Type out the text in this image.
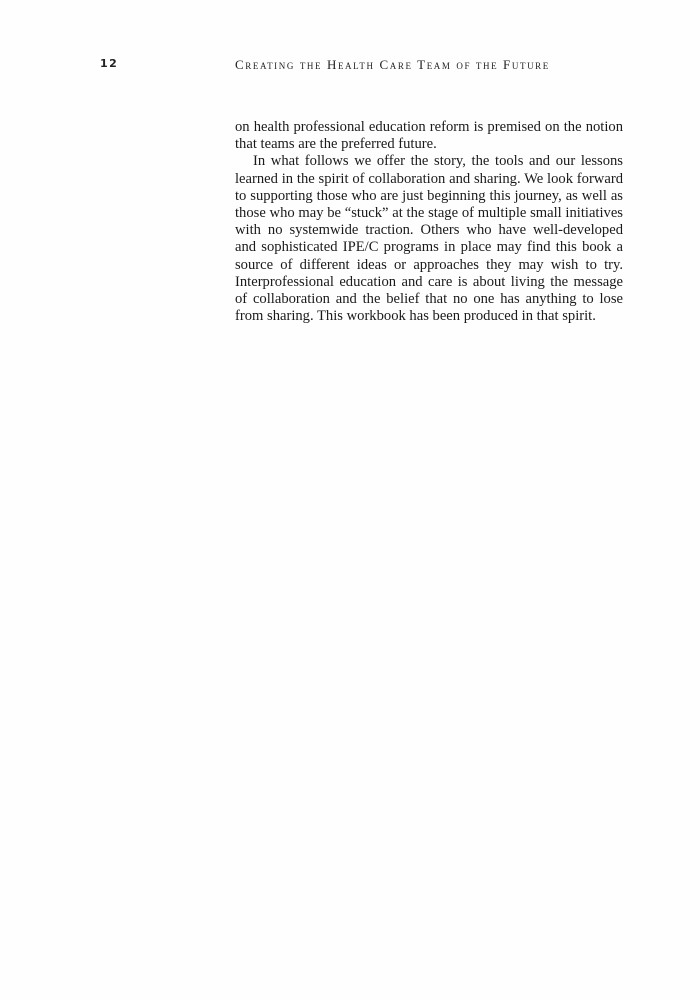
12	Creating the Health Care Team of the Future

on health professional education reform is premised on the notion that teams are the preferred future.

In what follows we offer the story, the tools and our lessons learned in the spirit of collaboration and sharing. We look forward to supporting those who are just beginning this journey, as well as those who may be “stuck” at the stage of multiple small initiatives with no systemwide traction. Others who have well-developed and sophisticated IPE/C programs in place may find this book a source of different ideas or approaches they may wish to try. Interprofessional education and care is about living the message of collaboration and the belief that no one has anything to lose from sharing. This workbook has been produced in that spirit.
